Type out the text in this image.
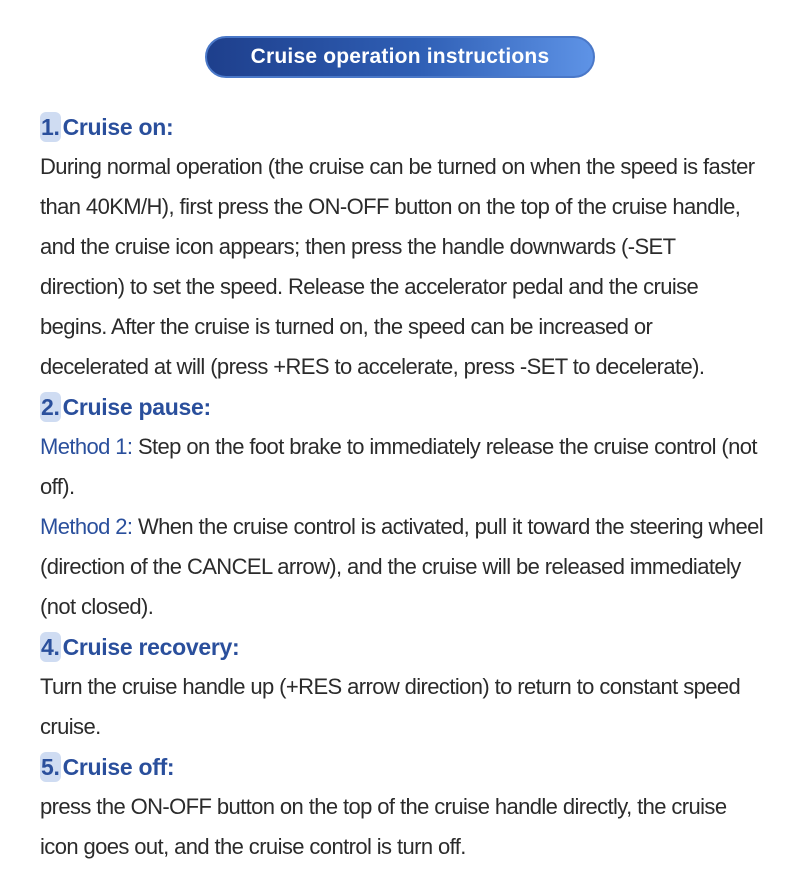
Cruise operation instructions
1. Cruise on:

During normal operation (the cruise can be turned on when the speed is faster than 40KM/H), first press the ON-OFF button on the top of the cruise handle, and the cruise icon appears; then press the handle downwards (-SET direction) to set the speed. Release the accelerator pedal and the cruise begins. After the cruise is turned on, the speed can be increased or decelerated at will (press +RES to accelerate, press -SET to decelerate).

2. Cruise pause:

Method 1: Step on the foot brake to immediately release the cruise control (not off).

Method 2: When the cruise control is activated, pull it toward the steering wheel (direction of the CANCEL arrow), and the cruise will be released immediately (not closed).

4. Cruise recovery:

Turn the cruise handle up (+RES arrow direction) to return to constant speed cruise.

5. Cruise off:

press the ON-OFF button on the top of the cruise handle directly, the cruise icon goes out, and the cruise control is turn off.
